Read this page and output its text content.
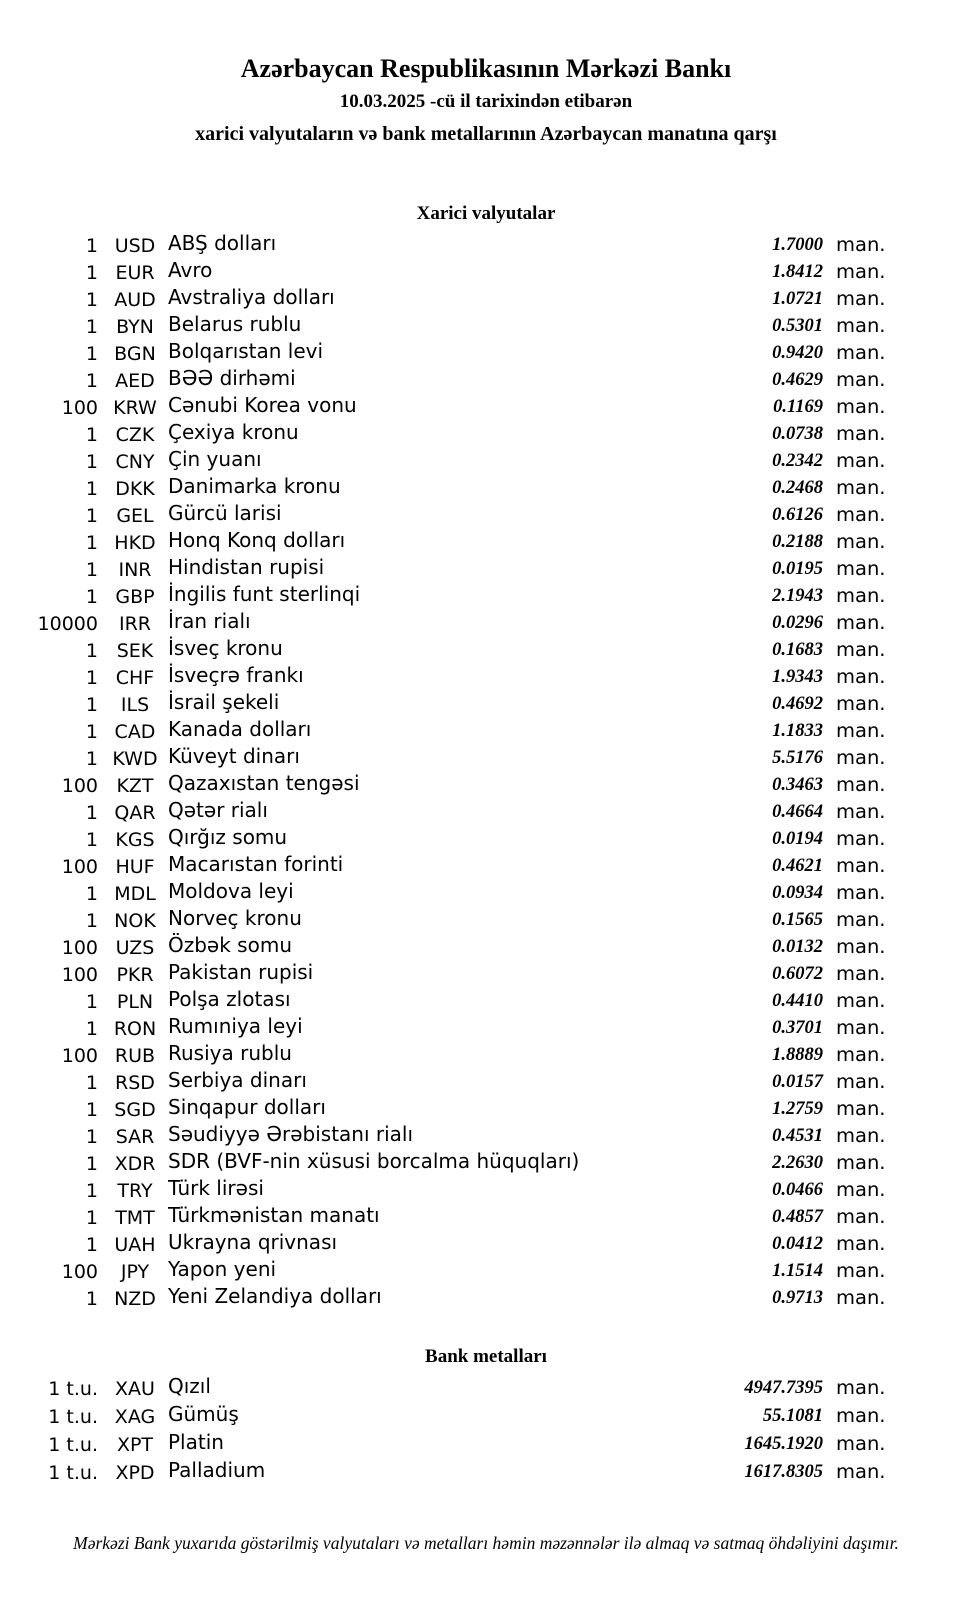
Azərbaycan Respublikasının Mərkəzi Bankı

10.03.2025 -cü il tarixindən etibarən

xarici valyutaların və bank metallarının Azərbaycan manatına qarşı

Xarici valyutalar
1 USD ABŞ dolları	1.7000 man.
1 EUR Avro	1.8412 man.
1 AUD Avstraliya dolları	1.0721 man.
1 BYN Belarus rublu	0.5301 man.
1 BGN Bolqarıstan levi	0.9420 man.
1 AED BƏƏ dirhəmi	0.4629 man.
100 KRW Cənubi Korea vonu	0.1169 man.
1 CZK Çexiya kronu	0.0738 man.
1 CNY Çin yuanı	0.2342 man.
1 DKK Danimarka kronu	0.2468 man.
1 GEL Gürcü larisi	0.6126 man.
1 HKD Honq Konq dolları	0.2188 man.
1	INR Hindistan rupisi	0.0195 man.
1 GBP İngilis funt sterlinqi	2.1943 man.
10000	IRR İran rialı	0.0296 man.
1 SEK İsveç kronu	0.1683 man.
1 CHF İsveçrə frankı	1.9343 man.
1	ILS İsrail şekeli	0.4692 man.
1 CAD Kanada dolları	1.1833 man.
1 KWD Küveyt dinarı	5.5176 man.
100 KZT Qazaxıstan tengəsi	0.3463 man.
1 QAR Qətər rialı	0.4664 man.
1 KGS Qırğız somu	0.0194 man.
100 HUF Macarıstan forinti	0.4621 man.
1 MDL Moldova leyi	0.0934 man.
1 NOK Norveç kronu	0.1565 man.
100 UZS Özbək somu	0.0132 man.
100 PKR Pakistan rupisi	0.6072 man.
1 PLN Polşa zlotası	0.4410 man.
1 RON Rumıniya leyi	0.3701 man.
100 RUB Rusiya rublu	1.8889 man.
1 RSD Serbiya dinarı	0.0157 man.
1 SGD Sinqapur dolları	1.2759 man.
1 SAR Səudiyyə Ərəbistanı rialı	0.4531 man.
1 XDR SDR (BVF-nin xüsusi borcalma hüquqları)	2.2630 man.
1	TRY Türk lirəsi	0.0466 man.
1 TMT Türkmənistan manatı	0.4857 man.
1 UAH Ukrayna qrivnası	0.0412 man.
100	JPY Yapon yeni	1.1514 man.
1 NZD Yeni Zelandiya dolları	0.9713 man.
Bank metalları
1 t.u. XAU Qızıl	4947.7395 man.
1 t.u. XAG Gümüş	55.1081 man.
1 t.u. XPT Platin	1645.1920 man.
1 t.u. XPD Palladium	1617.8305 man.

Mərkəzi Bank yuxarıda göstərilmiş valyutaları və metalları həmin məzənnələr ilə almaq və satmaq öhdəliyini daşımır.
